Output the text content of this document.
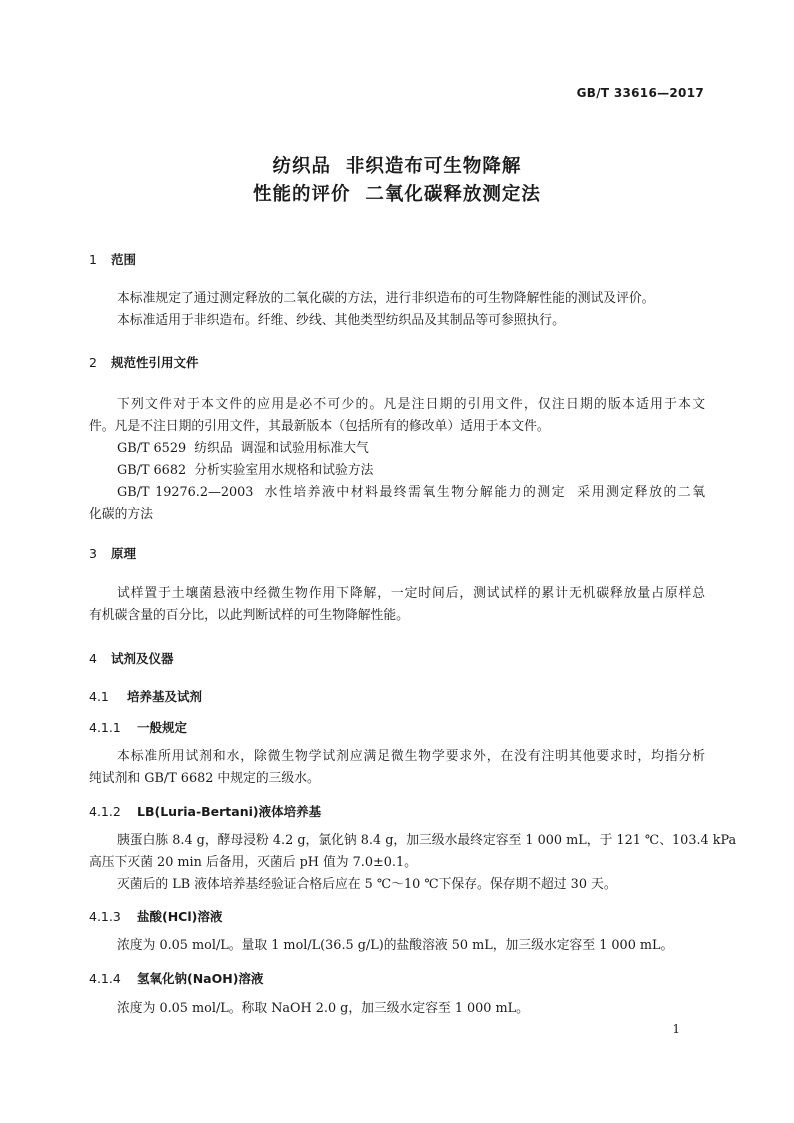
GB/T 33616—2017
纺织品  非织造布可生物降解
性能的评价  二氧化碳释放测定法
1 范围
本标准规定了通过测定释放的二氧化碳的方法，进行非织造布的可生物降解性能的测试及评价。
本标准适用于非织造布。纤维、纱线、其他类型纺织品及其制品等可参照执行。
2 规范性引用文件
下列文件对于本文件的应用是必不可少的。凡是注日期的引用文件，仅注日期的版本适用于本文
件。凡是不注日期的引用文件，其最新版本（包括所有的修改单）适用于本文件。
GB/T 6529  纺织品  调湿和试验用标准大气
GB/T 6682  分析实验室用水规格和试验方法
GB/T 19276.2—2003  水性培养液中材料最终需氧生物分解能力的测定  采用测定释放的二氧
化碳的方法
3 原理
试样置于土壤菌悬液中经微生物作用下降解，一定时间后，测试试样的累计无机碳释放量占原样总
有机碳含量的百分比，以此判断试样的可生物降解性能。
4 试剂及仪器
4.1 培养基及试剂
4.1.1 一般规定
本标准所用试剂和水，除微生物学试剂应满足微生物学要求外，在没有注明其他要求时，均指分析
纯试剂和 GB/T 6682 中规定的三级水。
4.1.2 LB(Luria-Bertani)液体培养基
胰蛋白胨 8.4 g，酵母浸粉 4.2 g，氯化钠 8.4 g，加三级水最终定容至 1 000 mL，于 121 ℃、103.4 kPa
高压下灭菌 20 min 后备用，灭菌后 pH 值为 7.0±0.1。
灭菌后的 LB 液体培养基经验证合格后应在 5 ℃～10 ℃下保存。保存期不超过 30 天。
4.1.3 盐酸(HCl)溶液
浓度为 0.05 mol/L。量取 1 mol/L(36.5 g/L)的盐酸溶液 50 mL，加三级水定容至 1 000 mL。
4.1.4 氢氧化钠(NaOH)溶液
浓度为 0.05 mol/L。称取 NaOH 2.0 g，加三级水定容至 1 000 mL。
1
